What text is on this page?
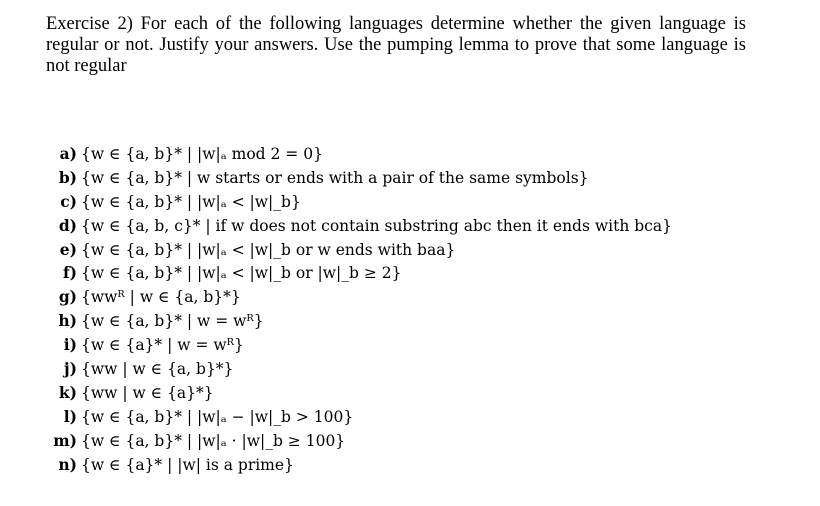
Exercise 2) For each of the following languages determine whether the given language is regular or not. Justify your answers. Use the pumping lemma to prove that some language is not regular

a) {w ∈ {a, b}* | |w|ₐ mod 2 = 0}
b) {w ∈ {a, b}* | w starts or ends with a pair of the same symbols}
c) {w ∈ {a, b}* | |w|ₐ < |w|_b}
d) {w ∈ {a, b, c}* | if w does not contain substring abc then it ends with bca}
e) {w ∈ {a, b}* | |w|ₐ < |w|_b or w ends with baa}
f) {w ∈ {a, b}* | |w|ₐ < |w|_b or |w|_b ≥ 2}
g) {wwᴿ | w ∈ {a, b}*}
h) {w ∈ {a, b}* | w = wᴿ}
i) {w ∈ {a}* | w = wᴿ}
j) {ww | w ∈ {a, b}*}
k) {ww | w ∈ {a}*}
l) {w ∈ {a, b}* | |w|ₐ − |w|_b > 100}
m) {w ∈ {a, b}* | |w|ₐ · |w|_b ≥ 100}
n) {w ∈ {a}* | |w| is a prime}
